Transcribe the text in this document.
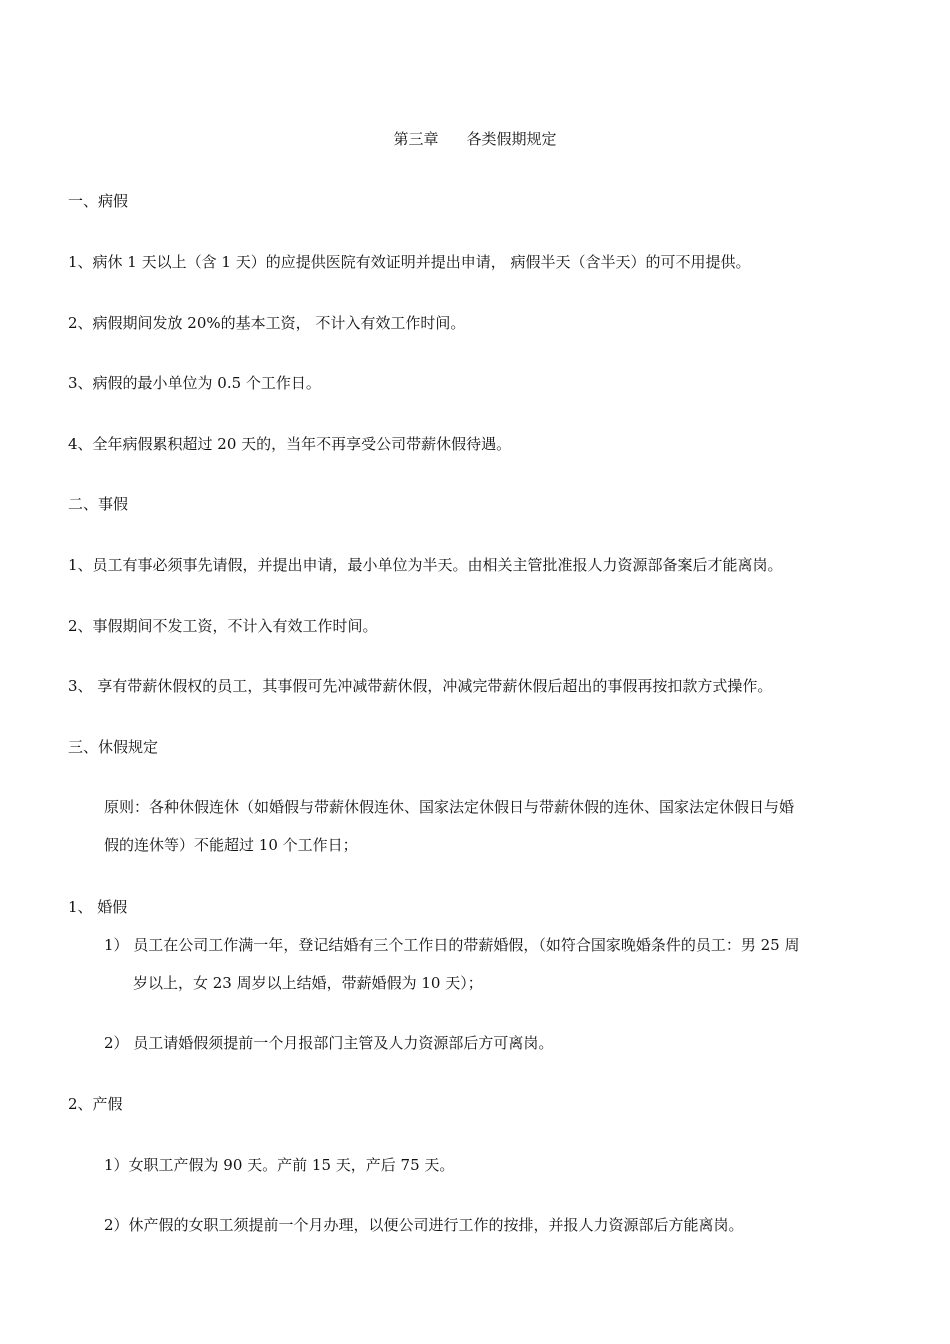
第三章 各类假期规定
一、病假
1、病休 1 天以上（含 1 天）的应提供医院有效证明并提出申请， 病假半天（含半天）的可不用提供。
2、病假期间发放 20%的基本工资， 不计入有效工作时间。
3、病假的最小单位为 0.5 个工作日。
4、全年病假累积超过 20 天的，当年不再享受公司带薪休假待遇。
二、事假
1、员工有事必须事先请假，并提出申请，最小单位为半天。由相关主管批准报人力资源部备案后才能离岗。
2、事假期间不发工资，不计入有效工作时间。
3、 享有带薪休假权的员工，其事假可先冲减带薪休假，冲减完带薪休假后超出的事假再按扣款方式操作。
三、休假规定
原则：各种休假连休（如婚假与带薪休假连休、国家法定休假日与带薪休假的连休、国家法定休假日与婚
假的连休等）不能超过 10 个工作日；
1、 婚假
1） 员工在公司工作满一年，登记结婚有三个工作日的带薪婚假，（如符合国家晚婚条件的员工：男 25 周
岁以上，女 23 周岁以上结婚，带薪婚假为 10 天）；
2） 员工请婚假须提前一个月报部门主管及人力资源部后方可离岗。
2、产假
1）女职工产假为 90 天。产前 15 天，产后 75 天。
2）休产假的女职工须提前一个月办理，以便公司进行工作的按排，并报人力资源部后方能离岗。
